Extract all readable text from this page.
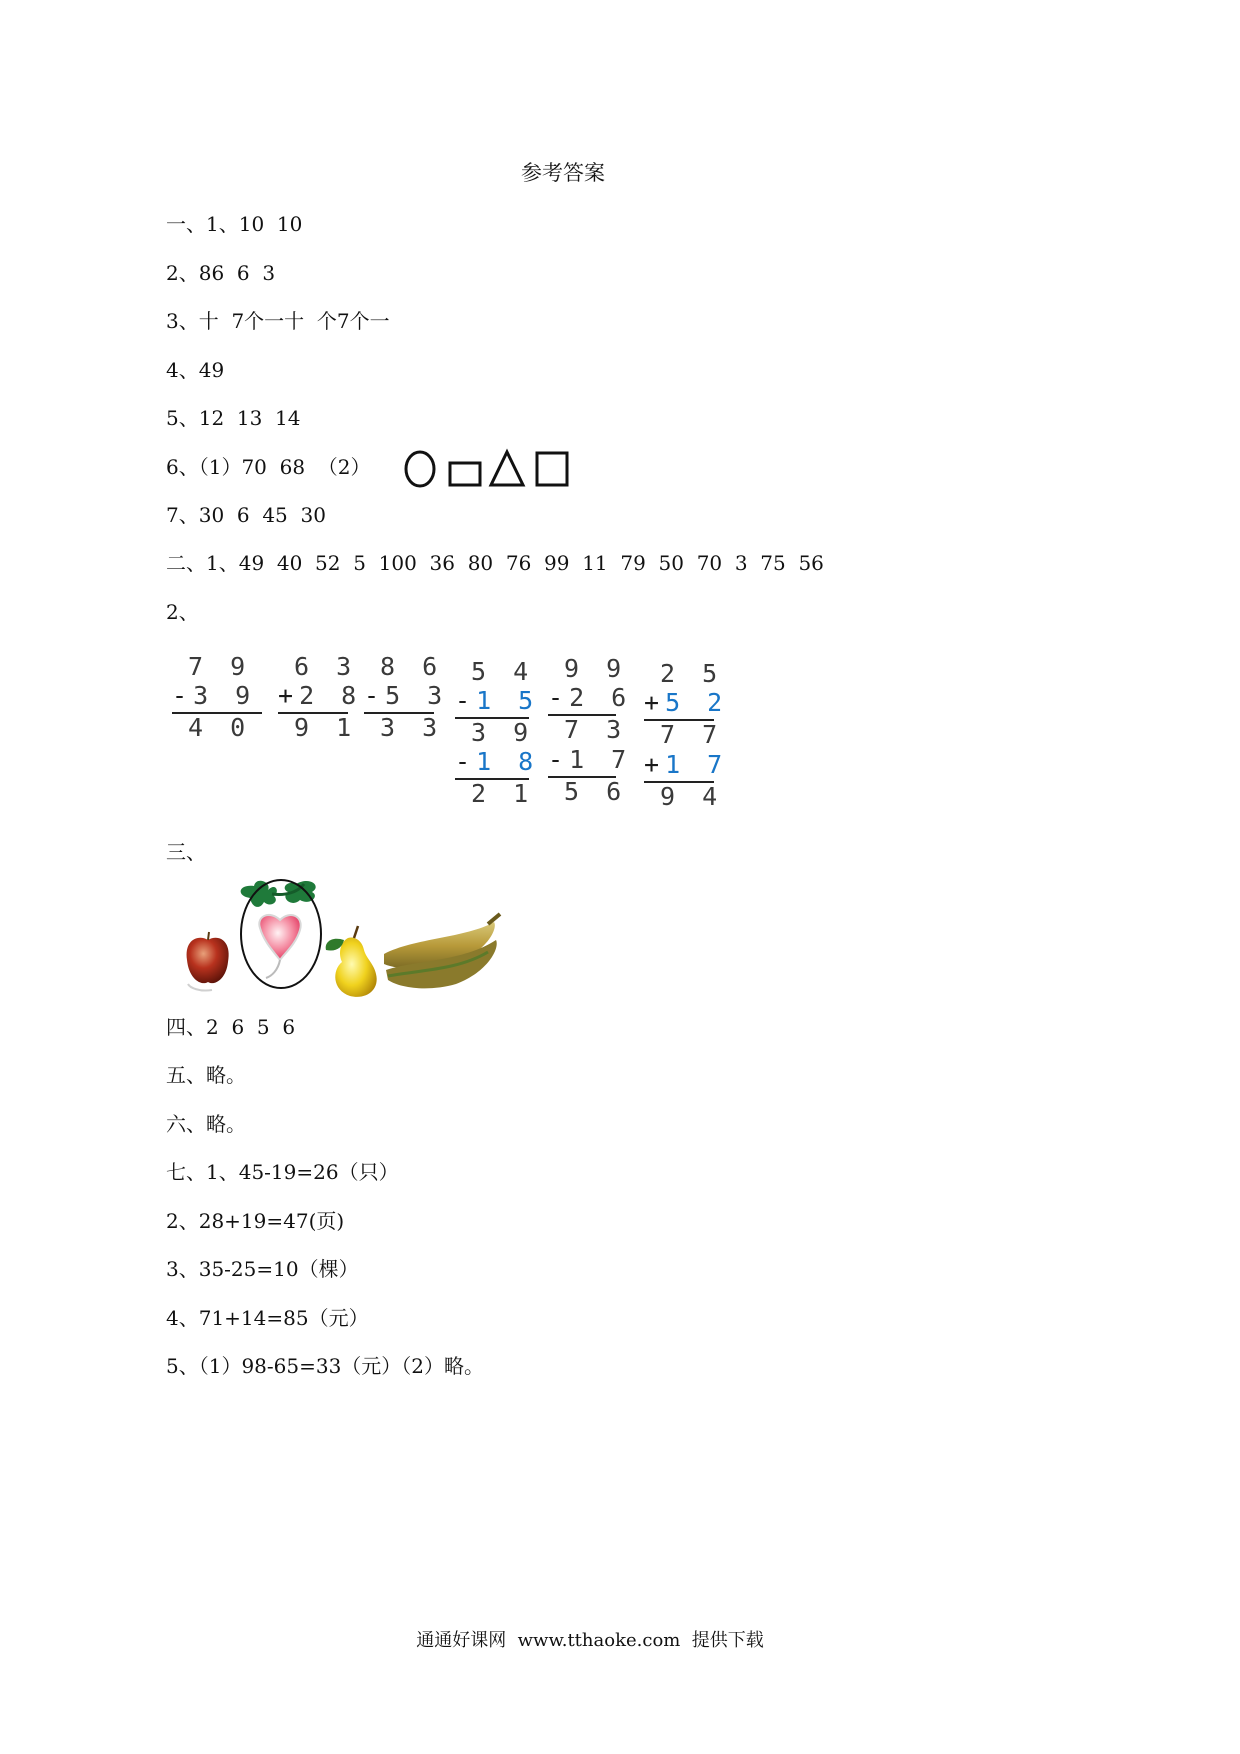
参考答案
一、1、10  10
2、86  6  3
3、十  7个一十  个7个一
4、49
5、12  13  14
6、（1）70  68  （2）
7、30  6  45  30
二、1、49  40  52  5  100  36  80  76  99  11  79  50  70  3  75  56
2、
7 9
-3 9
4 0
6 3
+2 8
9 1
8 6
-5 3
3 3
5 4
-1 5
3 9
-1 8
2 1
9 9
-2 6
7 3
-1 7
5 6
2 5
+5 2
7 7
+1 7
9 4
三、
四、2  6  5  6
五、略。
六、略。
七、1、45-19=26（只）
2、28+19=47(页)
3、35-25=10（棵）
4、71+14=85（元）
5、（1）98-65=33（元）（2）略。
通通好课网  www.tthaoke.com  提供下载
